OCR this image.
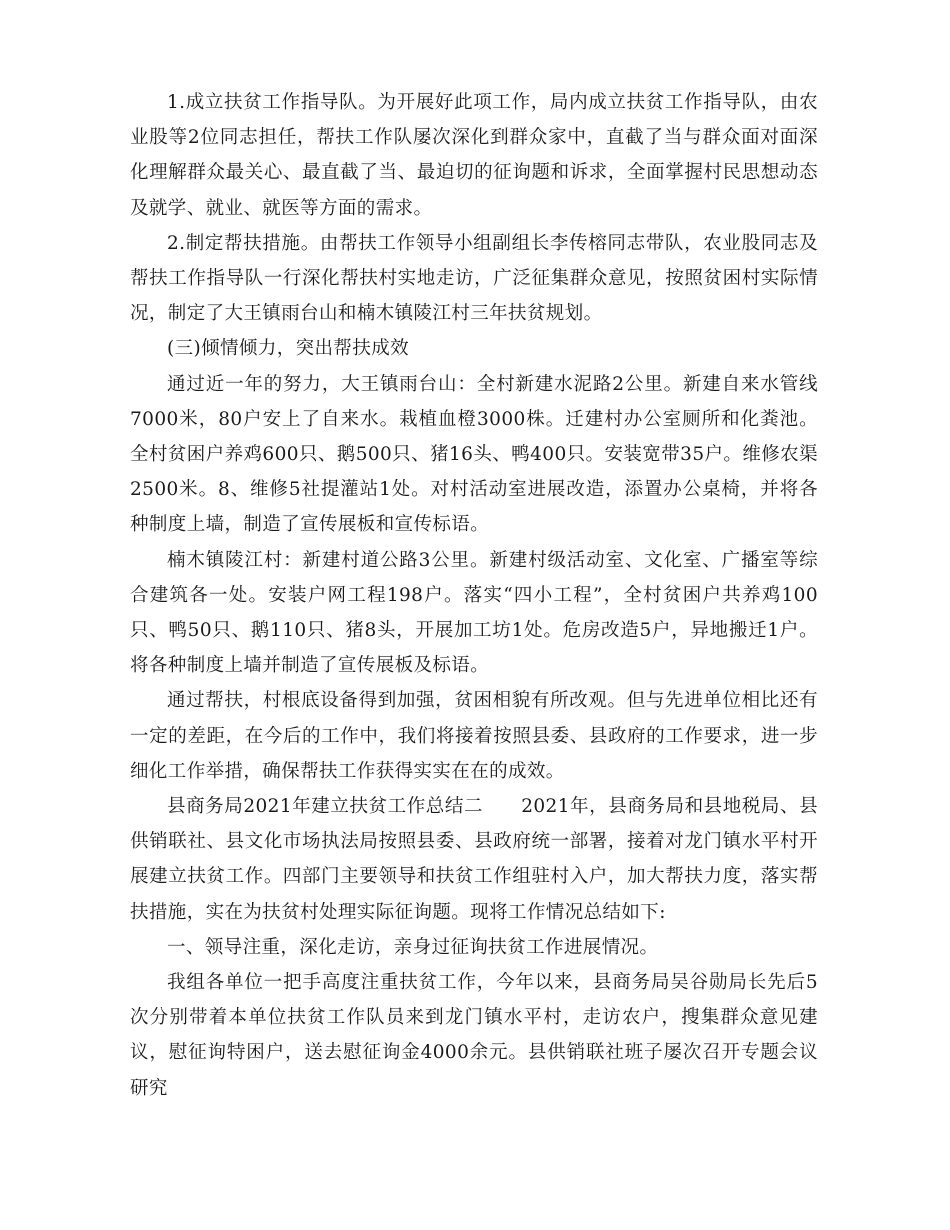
1.成立扶贫工作指导队。为开展好此项工作，局内成立扶贫工作指导队，由农业股等2位同志担任，帮扶工作队屡次深化到群众家中，直截了当与群众面对面深化理解群众最关心、最直截了当、最迫切的征询题和诉求，全面掌握村民思想动态及就学、就业、就医等方面的需求。

2.制定帮扶措施。由帮扶工作领导小组副组长李传榕同志带队，农业股同志及帮扶工作指导队一行深化帮扶村实地走访，广泛征集群众意见，按照贫困村实际情况，制定了大王镇雨台山和楠木镇陵江村三年扶贫规划。

(三)倾情倾力，突出帮扶成效

通过近一年的努力，大王镇雨台山：全村新建水泥路2公里。新建自来水管线7000米，80户安上了自来水。栽植血橙3000株。迁建村办公室厕所和化粪池。全村贫困户养鸡600只、鹅500只、猪16头、鸭400只。安装宽带35户。维修农渠2500米。8、维修5社提灌站1处。对村活动室进展改造，添置办公桌椅，并将各种制度上墙，制造了宣传展板和宣传标语。

楠木镇陵江村：新建村道公路3公里。新建村级活动室、文化室、广播室等综合建筑各一处。安装户网工程198户。落实“四小工程”，全村贫困户共养鸡100只、鸭50只、鹅110只、猪8头，开展加工坊1处。危房改造5户，异地搬迁1户。将各种制度上墙并制造了宣传展板及标语。

通过帮扶，村根底设备得到加强，贫困相貌有所改观。但与先进单位相比还有一定的差距，在今后的工作中，我们将接着按照县委、县政府的工作要求，进一步细化工作举措，确保帮扶工作获得实实在在的成效。

县商务局2021年建立扶贫工作总结二　　2021年，县商务局和县地税局、县供销联社、县文化市场执法局按照县委、县政府统一部署，接着对龙门镇水平村开展建立扶贫工作。四部门主要领导和扶贫工作组驻村入户，加大帮扶力度，落实帮扶措施，实在为扶贫村处理实际征询题。现将工作情况总结如下:

一、领导注重，深化走访，亲身过征询扶贫工作进展情况。

我组各单位一把手高度注重扶贫工作，今年以来，县商务局吴谷勋局长先后5次分别带着本单位扶贫工作队员来到龙门镇水平村，走访农户，搜集群众意见建议，慰征询特困户，送去慰征询金4000余元。县供销联社班子屡次召开专题会议研究
